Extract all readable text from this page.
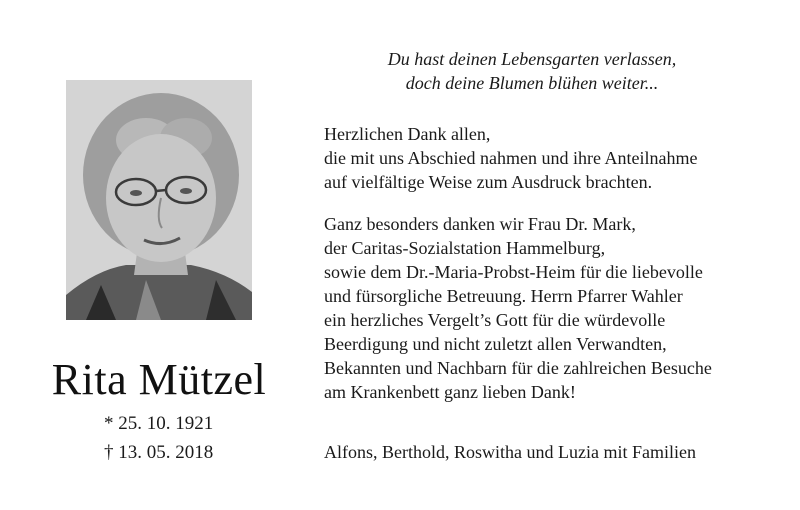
Rita Mützel
* 25. 10. 1921
† 13. 05. 2018
Du hast deinen Lebensgarten verlassen,
doch deine Blumen blühen weiter...
Herzlichen Dank allen,
die mit uns Abschied nahmen und ihre Anteilnahme
auf vielfältige Weise zum Ausdruck brachten.
Ganz besonders danken wir Frau Dr. Mark,
der Caritas-Sozialstation Hammelburg,
sowie dem Dr.-Maria-Probst-Heim für die liebevolle
und fürsorgliche Betreuung. Herrn Pfarrer Wahler
ein herzliches Vergelt’s Gott für die würdevolle
Beerdigung und nicht zuletzt allen Verwandten,
Bekannten und Nachbarn für die zahlreichen Besuche
am Krankenbett ganz lieben Dank!
Alfons, Berthold, Roswitha und Luzia mit Familien
